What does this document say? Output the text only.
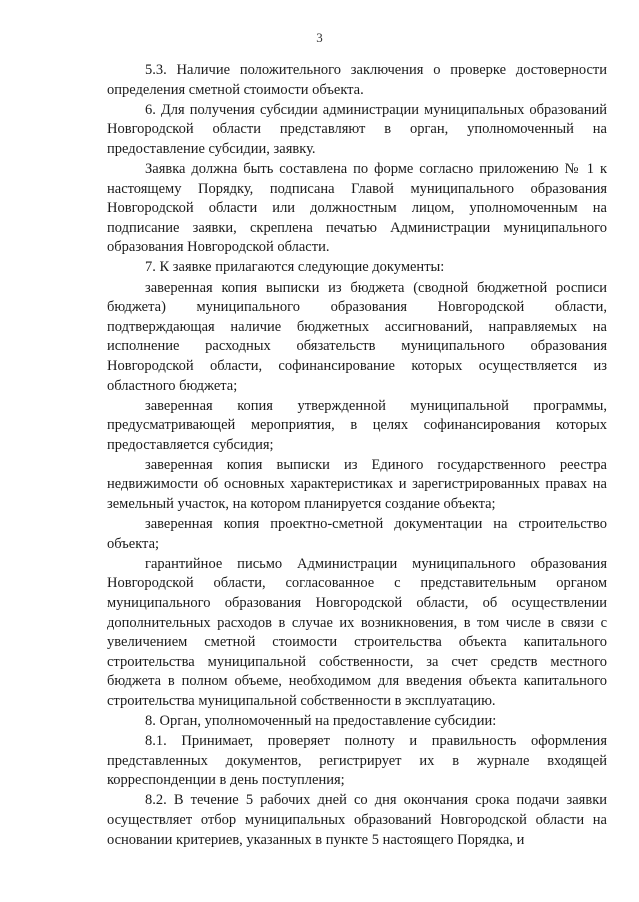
3

5.3. Наличие положительного заключения о проверке достоверности определения сметной стоимости объекта.

6. Для получения субсидии администрации муниципальных образований Новгородской области представляют в орган, уполномоченный на предоставление субсидии, заявку.

Заявка должна быть составлена по форме согласно приложению № 1 к настоящему Порядку, подписана Главой муниципального образования Новгородской области или должностным лицом, уполномоченным на подписание заявки, скреплена печатью Администрации муниципального образования Новгородской области.

7. К заявке прилагаются следующие документы:

заверенная копия выписки из бюджета (сводной бюджетной росписи бюджета) муниципального образования Новгородской области, подтверждающая наличие бюджетных ассигнований, направляемых на исполнение расходных обязательств муниципального образования Новгородской области, софинансирование которых осуществляется из областного бюджета;

заверенная копия утвержденной муниципальной программы, предусматривающей мероприятия, в целях софинансирования которых предоставляется субсидия;

заверенная копия выписки из Единого государственного реестра недвижимости об основных характеристиках и зарегистрированных правах на земельный участок, на котором планируется создание объекта;

заверенная копия проектно-сметной документации на строительство объекта;

гарантийное письмо Администрации муниципального образования Новгородской области, согласованное с представительным органом муниципального образования Новгородской области, об осуществлении дополнительных расходов в случае их возникновения, в том числе в связи с увеличением сметной стоимости строительства объекта капитального строительства муниципальной собственности, за счет средств местного бюджета в полном объеме, необходимом для введения объекта капитального строительства муниципальной собственности в эксплуатацию.

8. Орган, уполномоченный на предоставление субсидии:

8.1. Принимает, проверяет полноту и правильность оформления представленных документов, регистрирует их в журнале входящей корреспонденции в день поступления;

8.2. В течение 5 рабочих дней со дня окончания срока подачи заявки осуществляет отбор муниципальных образований Новгородской области на основании критериев, указанных в пункте 5 настоящего Порядка, и
